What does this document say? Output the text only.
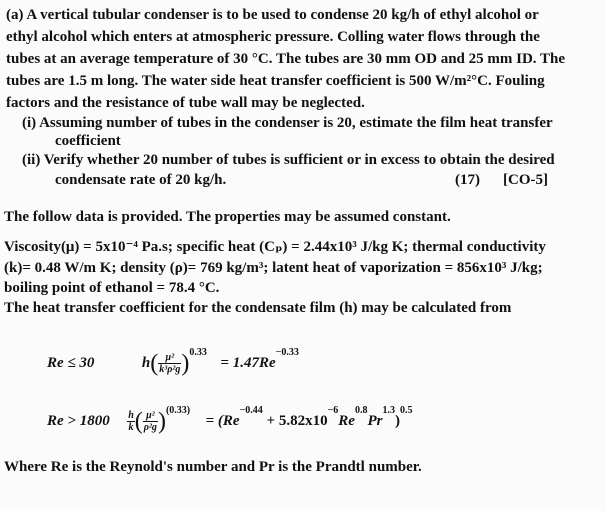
(a) A vertical tubular condenser is to be used to condense 20 kg/h of ethyl alcohol or
ethyl alcohol which enters at atmospheric pressure. Colling water flows through the
tubes at an average temperature of 30 °C. The tubes are 30 mm OD and 25 mm ID. The
tubes are 1.5 m long. The water side heat transfer coefficient is 500 W/m²°C. Fouling
factors and the resistance of tube wall may be neglected.
(i) Assuming number of tubes in the condenser is 20, estimate the film heat transfer
coefficient
(ii) Verify whether 20 number of tubes is sufficient or in excess to obtain the desired
condensate rate of 20 kg/h.	(17) [CO-5]
The follow data is provided. The properties may be assumed constant.
Viscosity(μ) = 5x10⁻⁴ Pa.s; specific heat (Cₚ) = 2.44x10³ J/kg K; thermal conductivity
(k)= 0.48 W/m K; density (ρ)= 769 kg/m³; latent heat of vaporization = 856x10³ J/kg;
boiling point of ethanol = 78.4 °C.
The heat transfer coefficient for the condensate film (h) may be calculated from
Re ≤ 30	$h( \frac{\text{μ²}}{\text{k³ρ²g}} )^{0.33} = 1.47Re^{-0.33}$
$Re > 1800 \frac{h}{k}$ ( $\frac{\text{μ²}}{\text{ρ²g}} )^{(0.33)} = (Re^{-0.44} + 5.82x10^{-6}Re^{0.8}Pr^{1.3})^{0.5}$
Where Re is the Reynold's number and Pr is the Prandtl number.
